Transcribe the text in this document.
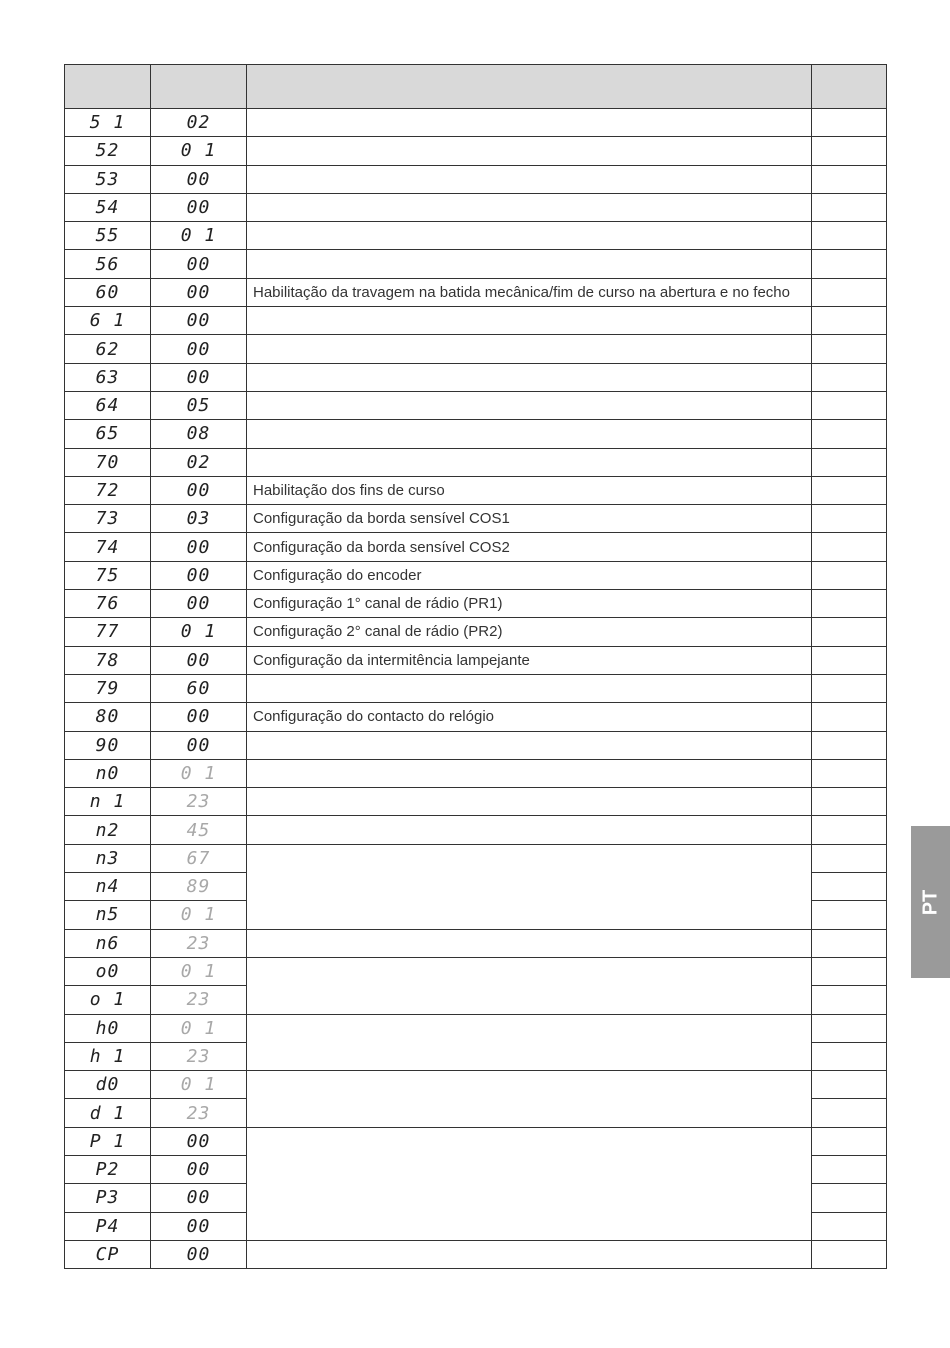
5 1	02		
52	0 1		
53	00		
54	00		
55	0 1		
56	00		
60	00	Habilitação da travagem na batida mecânica/fim de curso na abertura e no fecho	
6 1	00		
62	00		
63	00		
64	05		
65	08		
70	02		
72	00	Habilitação dos fins de curso	
73	03	Configuração da borda sensível COS1	
74	00	Configuração da borda sensível COS2	
75	00	Configuração do encoder	
76	00	Configuração 1° canal de rádio (PR1)	
77	0 1	Configuração 2° canal de rádio (PR2)	
78	00	Configuração da intermitência lampejante	
79	60		
80	00	Configuração do contacto do relógio	
90	00		
n0	0 1		
n 1	23		
n2	45		
n3	67		
n4	89		
n5	0 1		
n6	23		
o0	0 1		
o 1	23		
h0	0 1		
h 1	23		
d0	0 1		
d 1	23		
P 1	00		
P2	00		
P3	00		
P4	00		
CP	00		
PT
